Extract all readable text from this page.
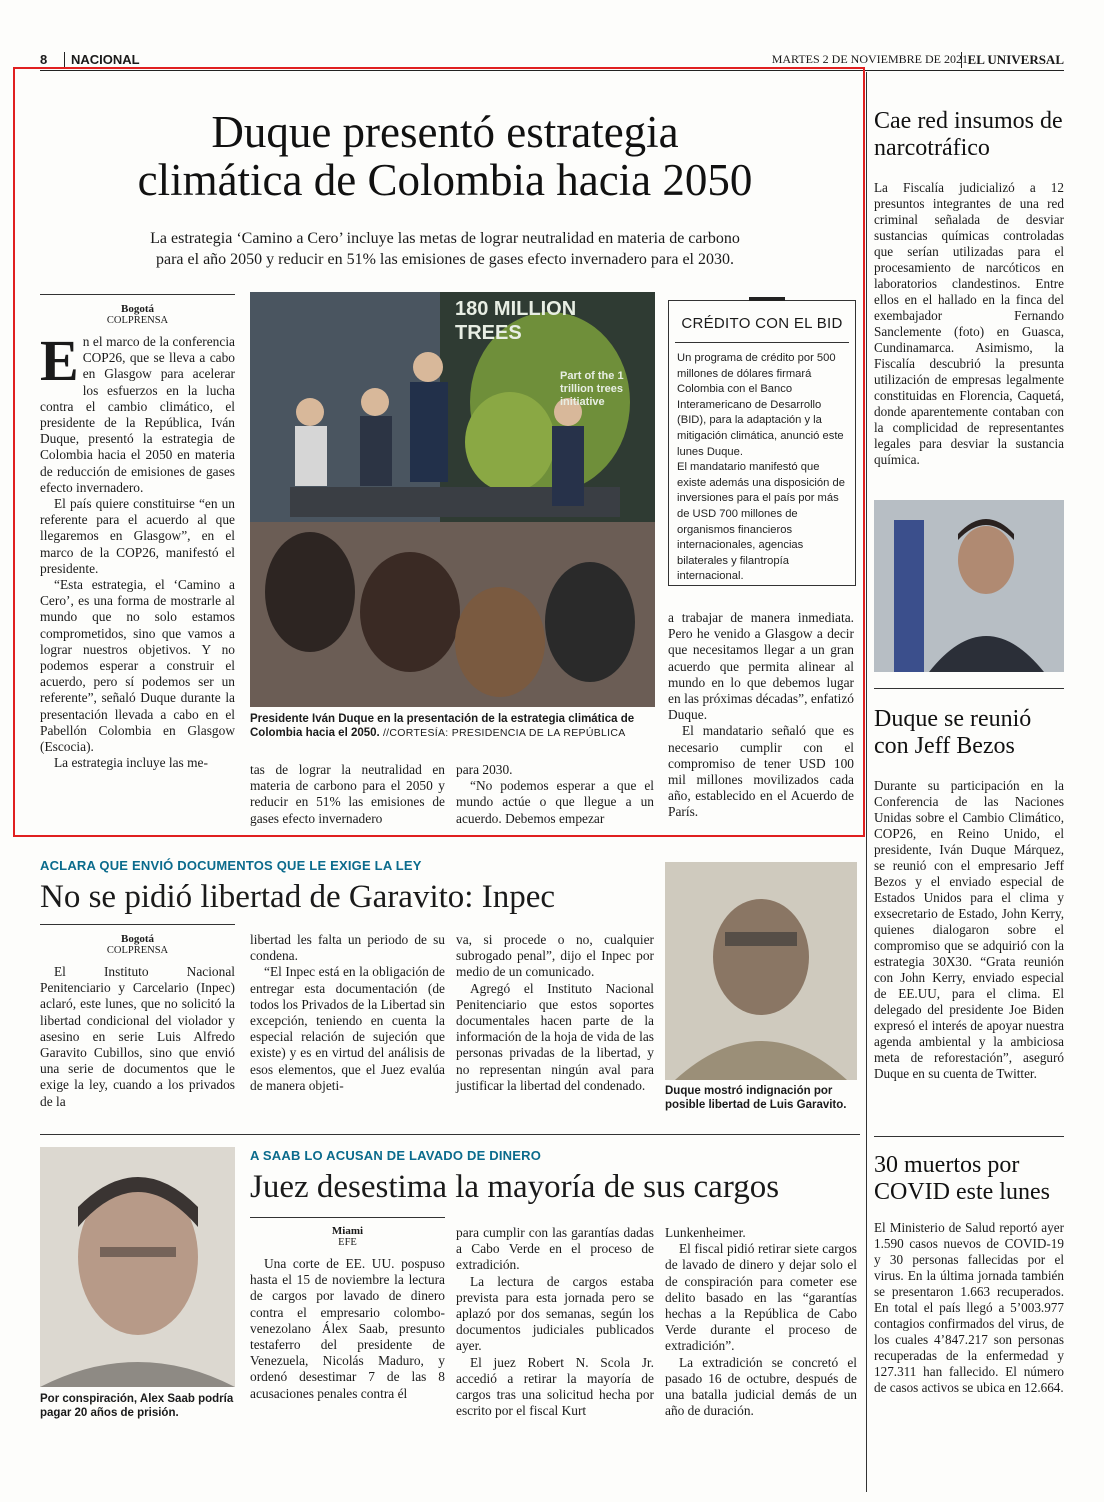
8	NACIONAL	MARTES 2 DE NOVIEMBRE DE 2021 EL UNIVERSAL
Duque presentó estrategia
climática de Colombia hacia 2050
La estrategia ‘Camino a Cero’ incluye las metas de lograr neutralidad en materia de carbono
para el año 2050 y reducir en 51% las emisiones de gases efecto invernadero para el 2030.
Bogotá
COLPRENSA

En el marco de la conferencia COP26, que se lleva a cabo en Glasgow para acelerar los esfuerzos en la lucha contra el cambio climático, el presidente de la República, Iván Duque, presentó la estrategia de Colombia hacia el 2050 en materia de reducción de emisiones de gases efecto invernadero.

El país quiere constituirse “en un referente para el acuerdo al que llegaremos en Glasgow”, en el marco de la COP26, manifestó el presidente.

“Esta estrategia, el ‘Camino a Cero’, es una forma de mostrarle al mundo que no solo estamos comprometidos, sino que vamos a lograr nuestros objetivos. Y no podemos esperar a construir el acuerdo, pero sí podemos ser un referente”, señaló Duque durante la presentación llevada a cabo en el Pabellón Colombia en Glasgow (Escocia).

La estrategia incluye las me-

180 MILLION
TREES
Part of the 1 trillion trees initiative
Presidente Iván Duque en la presentación de la estrategia climática de Colombia hacia el 2050. //CORTESÍA: PRESIDENCIA DE LA REPÚBLICA

tas de lograr la neutralidad en materia de carbono para el 2050 y reducir en 51% las emisiones de gases efecto invernadero

para 2030.

“No podemos esperar a que el mundo actúe o que llegue a un acuerdo. Debemos empezar

CRÉDITO CON EL BID
Un programa de crédito por 500 millones de dólares firmará Colombia con el Banco Interamericano de Desarrollo (BID), para la adaptación y la mitigación climática, anunció este lunes Duque.
El mandatario manifestó que existe además una disposición de inversiones para el país por más de USD 700 millones de organismos financieros internacionales, agencias bilaterales y filantropía internacional.

a trabajar de manera inmediata. Pero he venido a Glasgow a decir que necesitamos llegar a un gran acuerdo que permita alinear al mundo en lo que debemos lugar en las próximas décadas”, enfatizó Duque.

El mandatario señaló que es necesario cumplir con el compromiso de tener USD 100 mil millones movilizados cada año, establecido en el Acuerdo de París.

ACLARA QUE ENVIÓ DOCUMENTOS QUE LE EXIGE LA LEY
No se pidió libertad de Garavito: Inpec
Bogotá
COLPRENSA

El Instituto Nacional Penitenciario y Carcelario (Inpec) aclaró, este lunes, que no solicitó la libertad condicional del violador y asesino en serie Luis Alfredo Garavito Cubillos, sino que envió una serie de documentos que le exige la ley, cuando a los privados de la

libertad les falta un periodo de su condena.

“El Inpec está en la obligación de entregar esta documentación (de todos los Privados de la Libertad sin excepción, teniendo en cuenta la especial relación de sujeción que existe) y es en virtud del análisis de esos elementos, que el Juez evalúa de manera objeti-

va, si procede o no, cualquier subrogado penal”, dijo el Inpec por medio de un comunicado.

Agregó el Instituto Nacional Penitenciario que estos soportes documentales hacen parte de la información de la hoja de vida de las personas privadas de la libertad, y no representan ningún aval para justificar la libertad del condenado.	Duque mostró indignación por posible libertad de Luis Garavito.
Por conspiración, Alex Saab podría pagar 20 años de prisión.
A SAAB LO ACUSAN DE LAVADO DE DINERO
Juez desestima la mayoría de sus cargos
Miami
EFE

Una corte de EE. UU. pospuso hasta el 15 de noviembre la lectura de cargos por lavado de dinero contra el empresario colombo-venezolano Álex Saab, presunto testaferro del presidente de Venezuela, Nicolás Maduro, y ordenó desestimar 7 de las 8 acusaciones penales contra él

para cumplir con las garantías dadas a Cabo Verde en el proceso de extradición.

La lectura de cargos estaba prevista para esta jornada pero se aplazó por dos semanas, según los documentos judiciales publicados ayer.

El juez Robert N. Scola Jr. accedió a retirar la mayoría de cargos tras una solicitud hecha por escrito por el fiscal Kurt

Lunkenheimer.

El fiscal pidió retirar siete cargos de lavado de dinero y dejar solo el de conspiración para cometer ese delito basado en las “garantías hechas a la República de Cabo Verde durante el proceso de extradición”.

La extradición se concretó el pasado 16 de octubre, después de una batalla judicial demás de un año de duración.

Cae red insumos de narcotráfico
La Fiscalía judicializó a 12 presuntos integrantes de una red criminal señalada de desviar sustancias químicas controladas que serían utilizadas para el procesamiento de narcóticos en laboratorios clandestinos. Entre ellos en el hallado en la finca del exembajador Fernando Sanclemente (foto) en Guasca, Cundinamarca. Asimismo, la Fiscalía descubrió la presunta utilización de empresas legalmente constituidas en Florencia, Caquetá, donde aparentemente contaban con la complicidad de representantes legales para desviar la sustancia química.
Duque se reunió con Jeff Bezos
Durante su participación en la Conferencia de las Naciones Unidas sobre el Cambio Climático, COP26, en Reino Unido, el presidente, Iván Duque Márquez, se reunió con el empresario Jeff Bezos y el enviado especial de Estados Unidos para el clima y exsecretario de Estado, John Kerry, quienes dialogaron sobre el compromiso que se adquirió con la estrategia 30X30. “Grata reunión con John Kerry, enviado especial de EE.UU, para el clima. El delegado del presidente Joe Biden expresó el interés de apoyar nuestra agenda ambiental y la ambiciosa meta de reforestación”, aseguró Duque en su cuenta de Twitter.
30 muertos por COVID este lunes
El Ministerio de Salud reportó ayer 1.590 casos nuevos de COVID-19 y 30 personas fallecidas por el virus. En la última jornada también se presentaron 1.663 recuperados. En total el país llegó a 5’003.977 contagios confirmados del virus, de los cuales 4’847.217 son personas recuperadas de la enfermedad y 127.311 han fallecido. El número de casos activos se ubica en 12.664.
